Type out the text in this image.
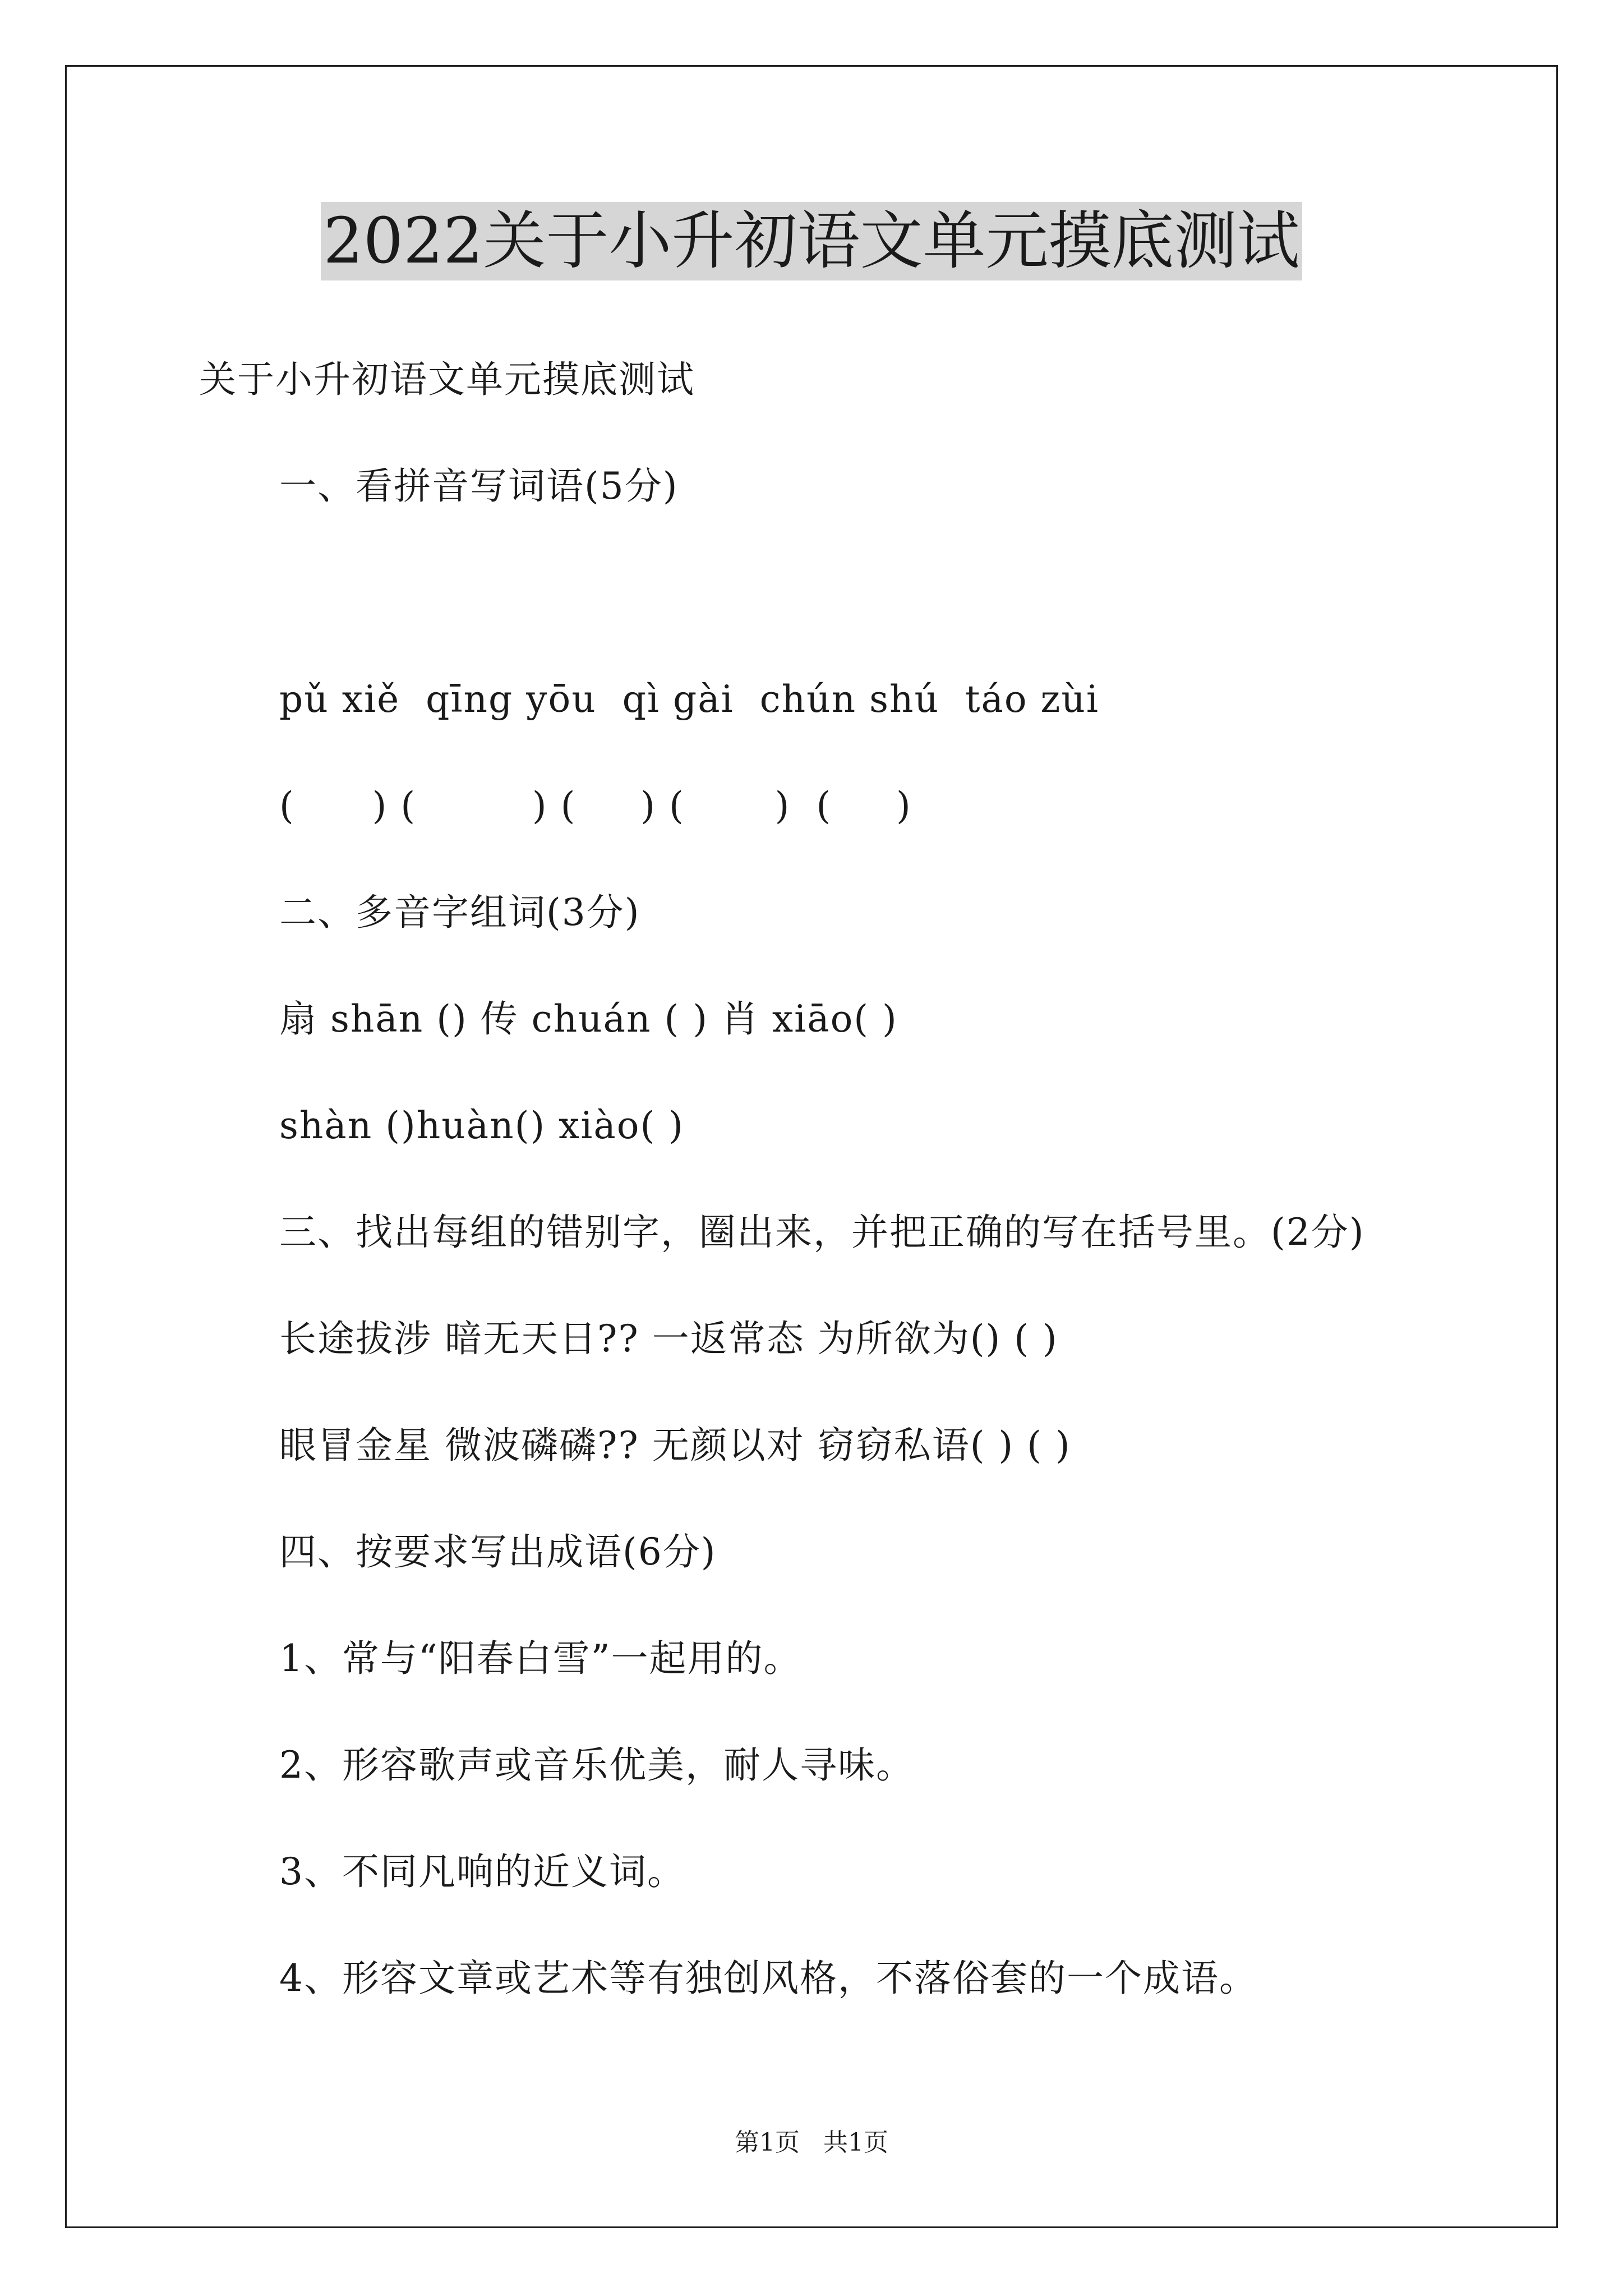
2022关于小升初语文单元摸底测试
关于小升初语文单元摸底测试
一、看拼音写词语(5分)
pǔ xiě  qīng yōu  qì gài  chún shú  táo zùi
(      ) (         ) (     ) (       )  (     )
二、多音字组词(3分)
扇 shān () 传 chuán ( ) 肖 xiāo( )
shàn ()huàn() xiào( )
三、找出每组的错别字，圈出来，并把正确的写在括号里。(2分)
长途拔涉 暗无天日?? 一返常态 为所欲为() ( )
眼冒金星 微波磷磷?? 无颜以对 窃窃私语( ) ( )
四、按要求写出成语(6分)
1、常与“阳春白雪”一起用的。
2、形容歌声或音乐优美，耐人寻味。
3、不同凡响的近义词。
4、形容文章或艺术等有独创风格，不落俗套的一个成语。
第1页   共1页
